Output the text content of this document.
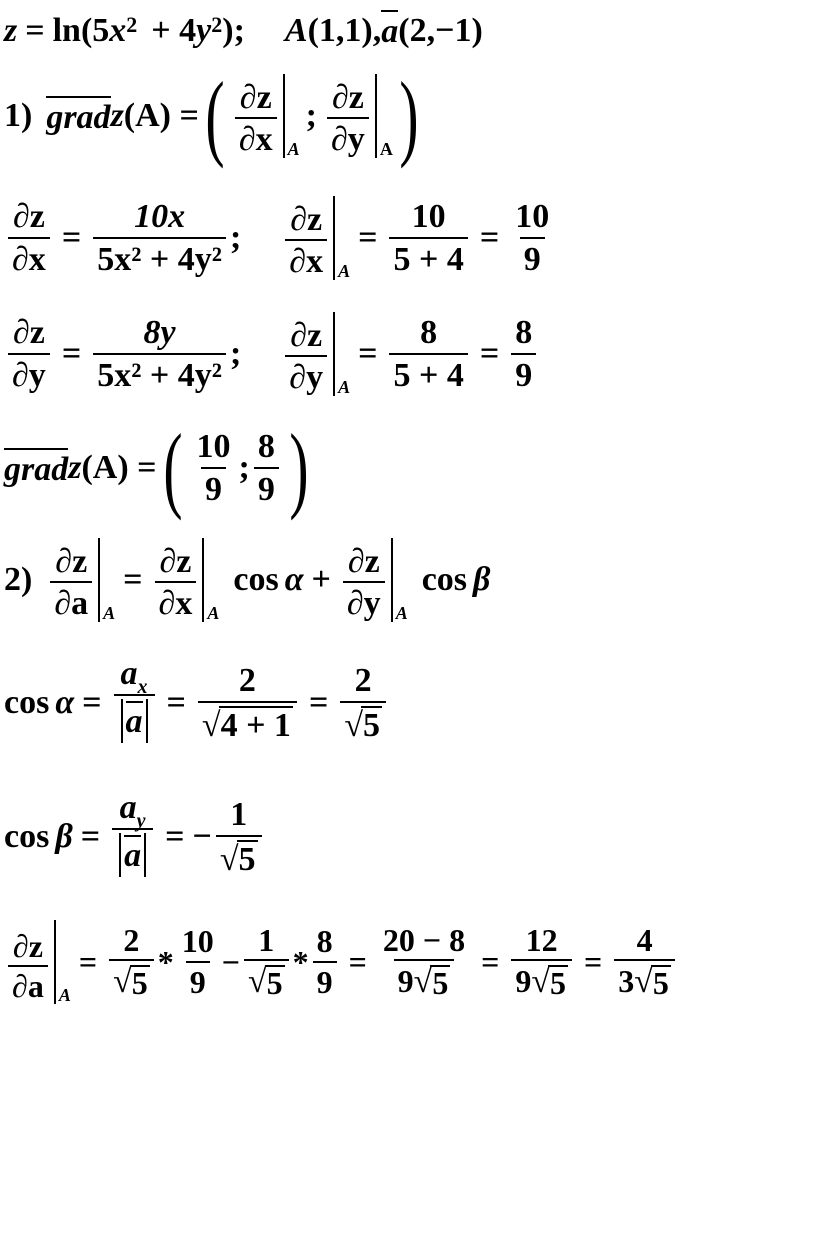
z = ln(5 $x^2 + 4$ $y^2$ ); A(1,1), a (2,−1)
1) grad z (A) = ( $\frac{\partial z}{\partial x}$ A
; $\frac{\partial z}{\partial y}$ A )
$\frac{\partial z}{\partial x} = \frac{10x}{\text{5x² + 4y²}}$ ; $\frac{\partial z}{\partial x}$ A
= $\frac{10}{5 + 4} = \frac{10}{9}$
$\frac{\partial z}{\partial y} = \frac{8y}{\text{5x² + 4y²}}$ ; $\frac{\partial z}{\partial y}$ A
= $\frac{8}{5 + 4} = \frac{8}{9}$
grad z (A) = ( $\frac{10}{9}$ ; $\frac{8}{9}$ )
$2) \frac{\partial z}{\partial a}$ A
= $\frac{\partial z}{\partial x}$ A
$\cos \alpha + \frac{\partial z}{\partial y}$ A
cos β
$\cos \alpha = \frac{ax}{a} = \frac{2}{√ 4 + 1} = \frac{2}{√ 5}$
$\cos \beta = \frac{ay}{a}$ = − $\frac{1}{√ 5}$
$\frac{\partial z}{\partial a}$ A
= $\frac{2}{√ 5} * \frac{10}{9} - \frac{1}{√ 5} * \frac{8}{9} = \frac{20 - 8}{9 √ 5} = \frac{12}{9 √ 5} = \frac{4}{3 √ 5}$
